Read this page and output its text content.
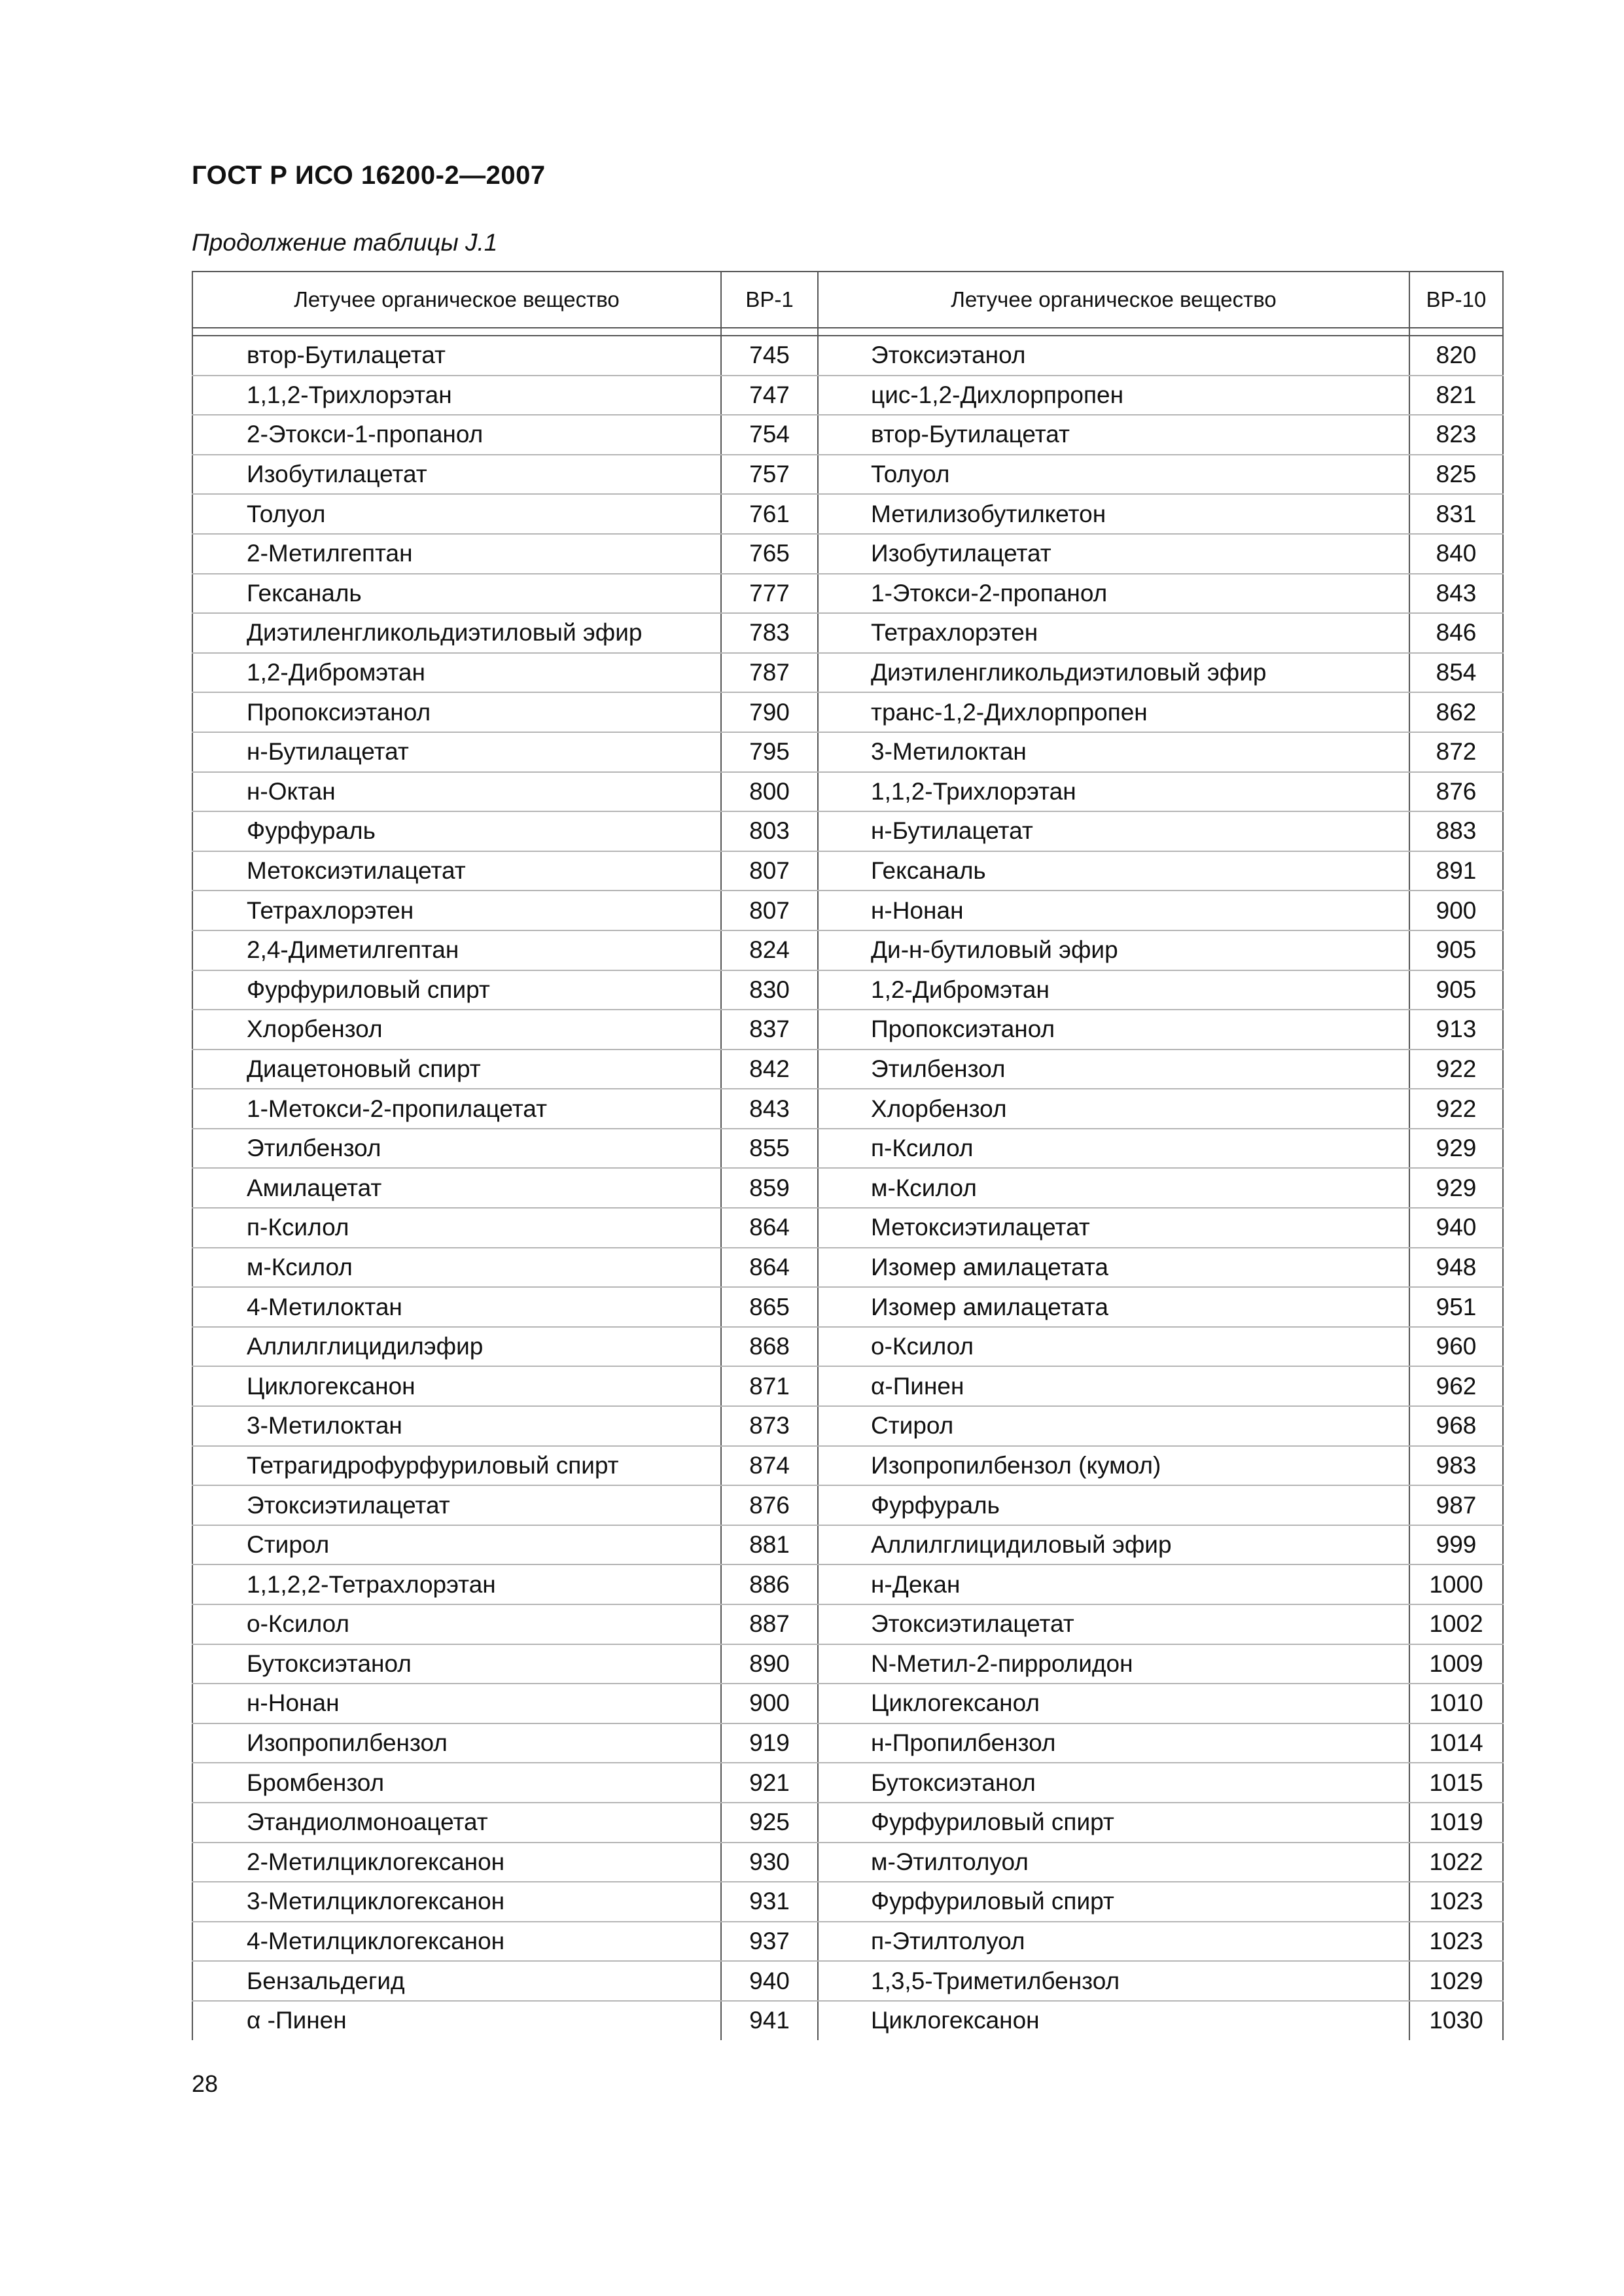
ГОСТ Р ИСО 16200-2—2007

Продолжение таблицы J.1

Летучее органическое вещество	ВР-1	Летучее органическое вещество	ВР-10

втор-Бутилацетат	745	Этоксиэтанол	820
1,1,2-Трихлорэтан	747	цис-1,2-Дихлорпропен	821
2-Этокси-1-пропанол	754	втор-Бутилацетат	823
Изобутилацетат	757	Толуол	825
Толуол	761	Метилизобутилкетон	831
2-Метилгептан	765	Изобутилацетат	840
Гексаналь	777	1-Этокси-2-пропанол	843
Диэтиленгликольдиэтиловый эфир	783	Тетрахлорэтен	846
1,2-Дибромэтан	787	Диэтиленгликольдиэтиловый эфир	854
Пропоксиэтанол	790	транс-1,2-Дихлорпропен	862
н-Бутилацетат	795	3-Метилоктан	872
н-Октан	800	1,1,2-Трихлорэтан	876
Фурфураль	803	н-Бутилацетат	883
Метоксиэтилацетат	807	Гексаналь	891
Тетрахлорэтен	807	н-Нонан	900
2,4-Диметилгептан	824	Ди-н-бутиловый эфир	905
Фурфуриловый спирт	830	1,2-Дибромэтан	905
Хлорбензол	837	Пропоксиэтанол	913
Диацетоновый спирт	842	Этилбензол	922
1-Метокси-2-пропилацетат	843	Хлорбензол	922
Этилбензол	855	п-Ксилол	929
Амилацетат	859	м-Ксилол	929
п-Ксилол	864	Метоксиэтилацетат	940
м-Ксилол	864	Изомер амилацетата	948
4-Метилоктан	865	Изомер амилацетата	951
Аллилглицидилэфир	868	о-Ксилол	960
Циклогексанон	871	α-Пинен	962
3-Метилоктан	873	Стирол	968
Тетрагидрофурфуриловый спирт	874	Изопропилбензол (кумол)	983
Этоксиэтилацетат	876	Фурфураль	987
Стирол	881	Аллилглицидиловый эфир	999
1,1,2,2-Тетрахлорэтан	886	н-Декан	1000
о-Ксилол	887	Этоксиэтилацетат	1002
Бутоксиэтанол	890	N-Метил-2-пирролидон	1009
н-Нонан	900	Циклогексанол	1010
Изопропилбензол	919	н-Пропилбензол	1014
Бромбензол	921	Бутоксиэтанол	1015
Этандиолмоноацетат	925	Фурфуриловый спирт	1019
2-Метилциклогексанон	930	м-Этилтолуол	1022
3-Метилциклогексанон	931	Фурфуриловый спирт	1023
4-Метилциклогексанон	937	п-Этилтолуол	1023
Бензальдегид	940	1,3,5-Триметилбензол	1029
α -Пинен	941	Циклогексанон	1030

28
